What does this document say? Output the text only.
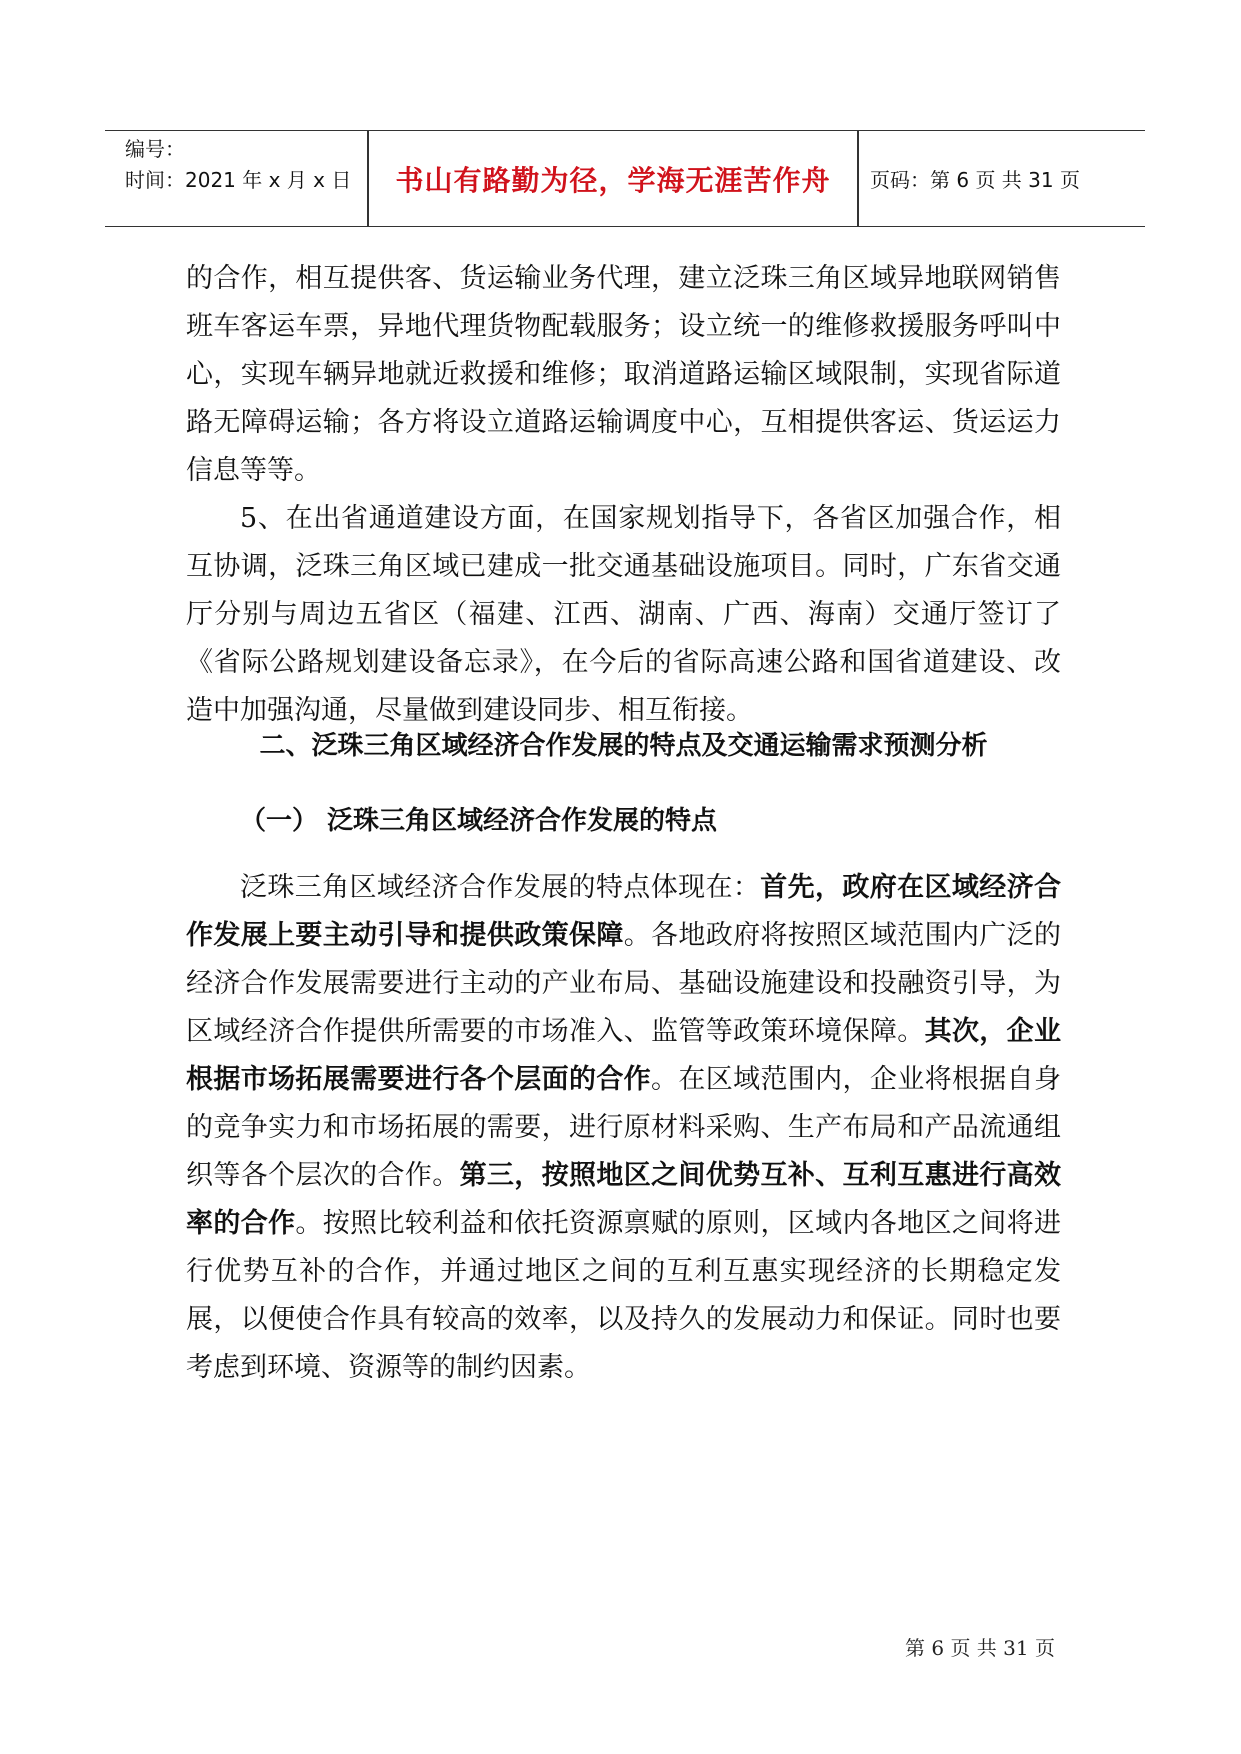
编号：
时间：2021 年 x 月 x 日	书山有路勤为径，学海无涯苦作舟	页码：第 6 页 共 31 页

的合作，相互提供客、货运输业务代理，建立泛珠三角区域异地联网销售班车客运车票，异地代理货物配载服务；设立统一的维修救援服务呼叫中心，实现车辆异地就近救援和维修；取消道路运输区域限制，实现省际道路无障碍运输；各方将设立道路运输调度中心，互相提供客运、货运运力信息等等。

5、在出省通道建设方面，在国家规划指导下，各省区加强合作，相互协调，泛珠三角区域已建成一批交通基础设施项目。同时，广东省交通厅分别与周边五省区（福建、江西、湖南、广西、海南）交通厅签订了《省际公路规划建设备忘录》，在今后的省际高速公路和国省道建设、改造中加强沟通，尽量做到建设同步、相互衔接。

二、泛珠三角区域经济合作发展的特点及交通运输需求预测分析
（一） 泛珠三角区域经济合作发展的特点

泛珠三角区域经济合作发展的特点体现在：首先，政府在区域经济合作发展上要主动引导和提供政策保障。各地政府将按照区域范围内广泛的经济合作发展需要进行主动的产业布局、基础设施建设和投融资引导，为区域经济合作提供所需要的市场准入、监管等政策环境保障。其次，企业根据市场拓展需要进行各个层面的合作。在区域范围内，企业将根据自身的竞争实力和市场拓展的需要，进行原材料采购、生产布局和产品流通组织等各个层次的合作。第三，按照地区之间优势互补、互利互惠进行高效率的合作。按照比较利益和依托资源禀赋的原则，区域内各地区之间将进行优势互补的合作，并通过地区之间的互利互惠实现经济的长期稳定发展，以便使合作具有较高的效率，以及持久的发展动力和保证。同时也要考虑到环境、资源等的制约因素。

第 6 页 共 31 页
